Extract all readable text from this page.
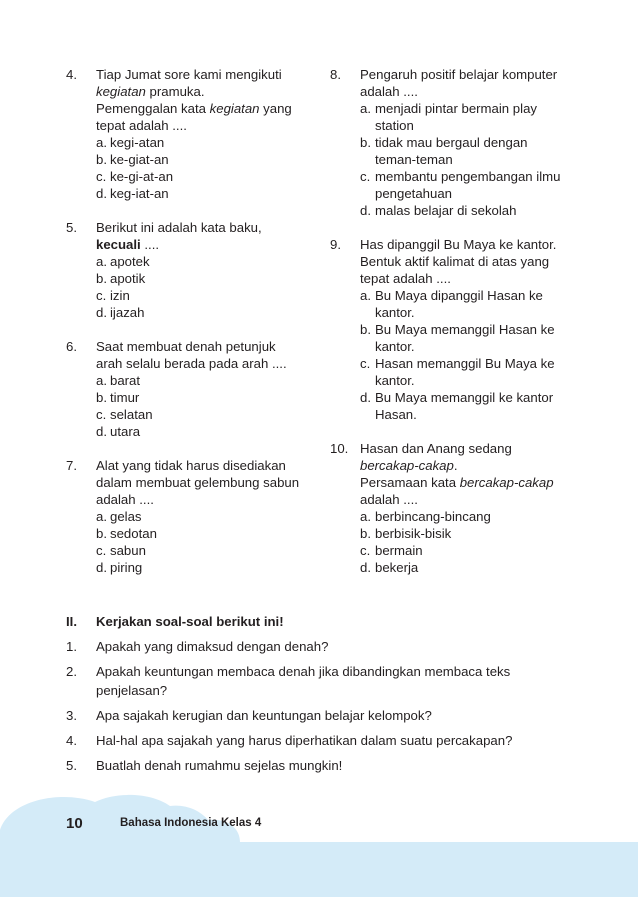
4. Tiap Jumat sore kami mengikuti

kegiatan pramuka.

Pemenggalan kata kegiatan yang

tepat adalah ....

a. kegi-atan
b. ke-giat-an
c. ke-gi-at-an
d. keg-iat-an
5. Berikut ini adalah kata baku,

kecuali ....

a. apotek
b. apotik
c. izin
d. ijazah
6. Saat membuat denah petunjuk

arah selalu berada pada arah ....

a. barat
b. timur
c. selatan
d. utara
7. Alat yang tidak harus disediakan

dalam membuat gelembung sabun

adalah ....

a. gelas
b. sedotan
c. sabun
d. piring
8. Pengaruh positif belajar komputer

adalah ....

a. menjadi pintar bermain play station
b. tidak mau bergaul dengan teman-teman
c. membantu pengembangan ilmu pengetahuan
d. malas belajar di sekolah
9. Has dipanggil Bu Maya ke kantor.

Bentuk aktif kalimat di atas yang

tepat adalah ....

a. Bu Maya dipanggil Hasan ke kantor.
b. Bu Maya memanggil Hasan ke kantor.
c. Hasan memanggil Bu Maya ke kantor.
d. Bu Maya memanggil ke kantor Hasan.
10. Hasan dan Anang sedang

bercakap-cakap.

Persamaan kata bercakap-cakap

adalah ....

a. berbincang-bincang
b. berbisik-bisik
c. bermain
d. bekerja
II. Kerjakan soal-soal berikut ini!
1. Apakah yang dimaksud dengan denah?
2. Apakah keuntungan membaca denah jika dibandingkan membaca teks penjelasan?
3. Apa sajakah kerugian dan keuntungan belajar kelompok?
4. Hal-hal apa sajakah yang harus diperhatikan dalam suatu percakapan?
5. Buatlah denah rumahmu sejelas mungkin!
10	Bahasa Indonesia Kelas 4
